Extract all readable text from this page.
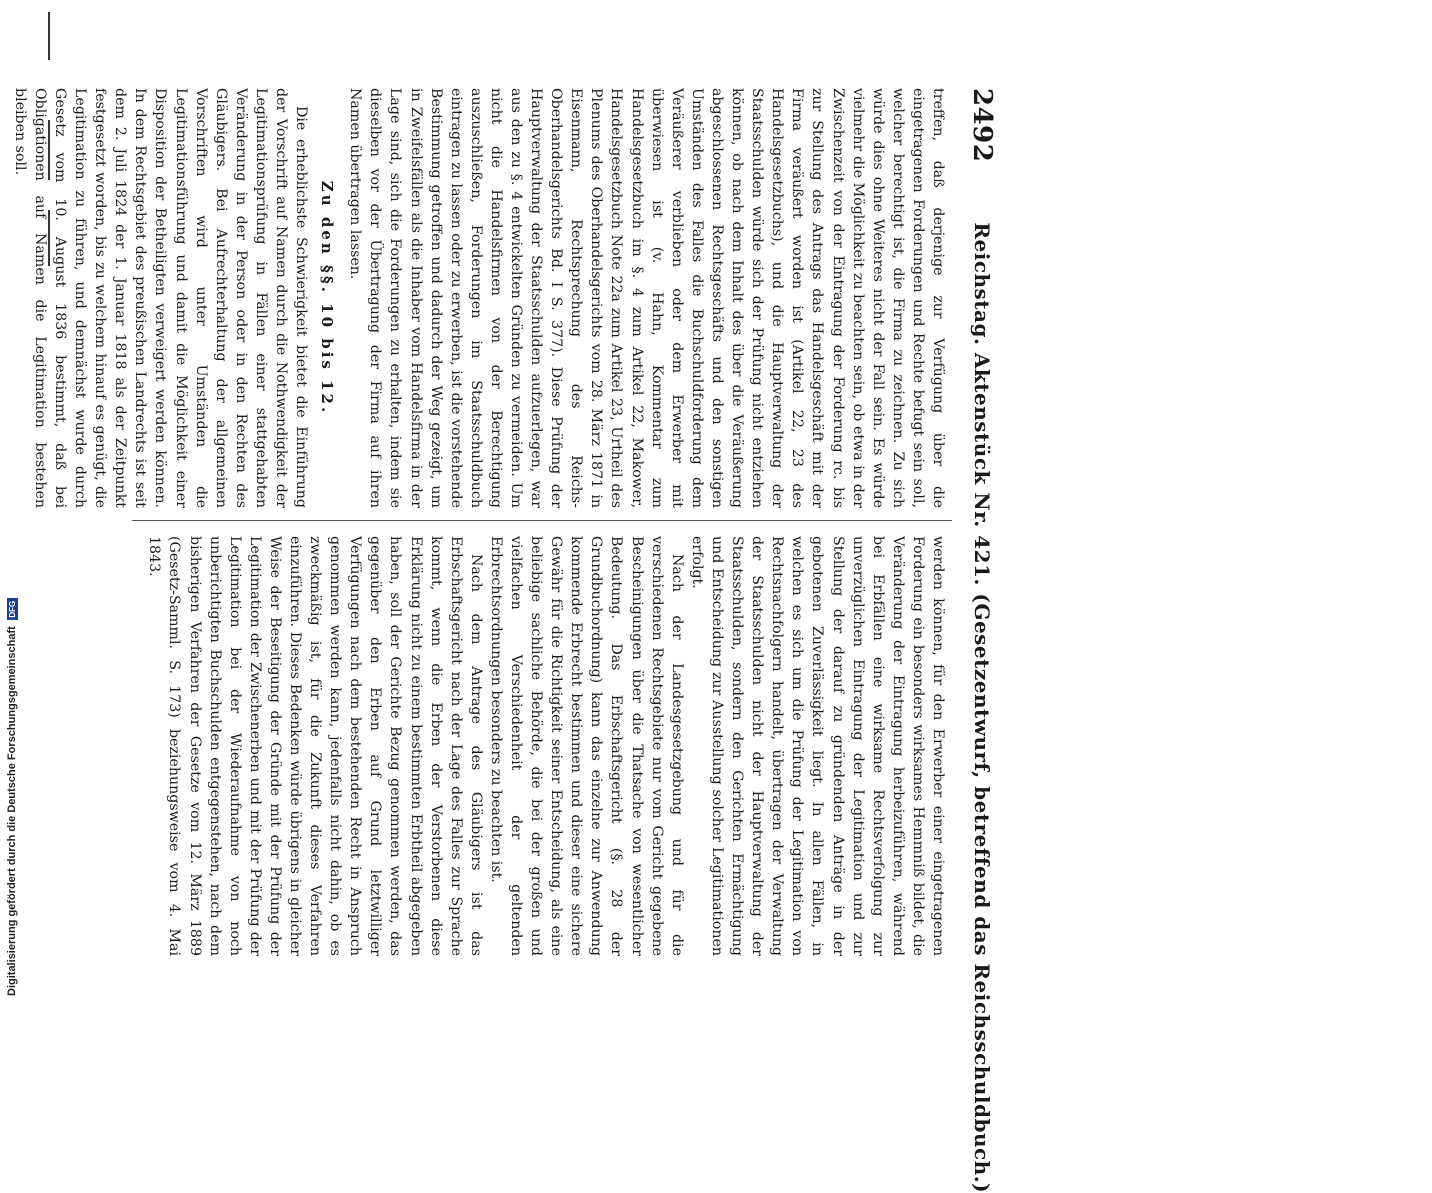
Digitalisierung gefördert durch die Deutsche Forschungsgemeinschaft
DFG
2492
Reichstag. Aktenstück Nr. 421. (Gesetzentwurf, betreffend das Reichsschuldbuch.)

treffen, daß derjenige zur Verfügung über die eingetragenen Forderungen und Rechte befugt sein soll, welcher berechtigt ist, die Firma zu zeichnen. Zu sich würde dies ohne Weiteres nicht der Fall sein. Es würde vielmehr die Möglichkeit zu beachten sein, ob etwa in der Zwischenzeit von der Eintragung der Forderung rc. bis zur Stellung des Antrags das Handelsgeschäft mit der Firma veräußert worden ist (Artikel 22, 23 des Handelsgesetzbuchs), und die Hauptverwaltung der Staatsschulden würde sich der Prüfung nicht entziehen können, ob nach dem Inhalt des über die Veräußerung abgeschlossenen Rechtsgeschäfts und den sonstigen Umständen des Falles die Buchschuldforderung dem Veräußerer verblieben oder dem Erwerber mit überwiesen ist (v. Hahn, Kommentar zum Handelsgesetzbuch im §. 4 zum Artikel 22, Makower, Handelsgesetzbuch Note 22a zum Artikel 23, Urtheil des Plenums des Oberhandelsgerichts vom 28. März 1871 in Eisenmann, Rechtsprechung des Reichs-Oberhandelsgerichts Bd. I S. 377). Diese Prüfung der Hauptverwaltung der Staatsschulden aufzuerlegen, war aus den zu §. 4 entwickelten Gründen zu vermeiden. Um nicht die Handelsfirmen von der Berechtigung auszuschließen, Forderungen im Staatsschuldbuch eintragen zu lassen oder zu erwerben, ist die vorstehende Bestimmung getroffen und dadurch der Weg gezeigt, um in Zweifelsfällen als die Inhaber vom Handelsfirma in der Lage sind, sich die Forderungen zu erhalten, indem sie dieselben vor der Übertragung der Firma auf ihren Namen übertragen lassen.

Zu den §§. 10 bis 12.

Die erheblichste Schwierigkeit bietet die Einführung der Vorschrift auf Namen durch die Nothwendigkeit der Legitimationsprüfung in Fällen einer stattgehabten Veränderung in der Person oder in den Rechten des Gläubigers. Bei Aufrechterhaltung der allgemeinen Vorschriften wird unter Umständen die Legitimationsführung und damit die Möglichkeit einer Disposition der Betheiligten verweigert werden können. In dem Rechtsgebiet des preußischen Landrechts ist seit dem 2. Juli 1824 der 1. Januar 1818 als der Zeitpunkt festgesetzt worden, bis zu welchem hinauf es genügt, die Legitimation zu führen, und demnächst wurde durch Gesetz vom 10. August 1836 bestimmt, daß bei Obligationen auf Namen die Legitimation bestehen bleiben soll.

werden können, für den Erwerber einer eingetragenen Forderung ein besonders wirksames Hemmniß bildet, die Veränderung der Eintragung herbeizuführen, während bei Erbfällen eine wirksame Rechtsverfolgung zur unverzüglichen Eintragung der Legitimation und zur Stellung der darauf zu gründenden Anträge in der gebotenen Zuverlässigkeit liegt. In allen Fällen, in welchen es sich um die Prüfung der Legitimation von Rechtsnachfolgern handelt, übertragen der Verwaltung der Staatsschulden nicht der Hauptverwaltung der Staatsschulden, sondern den Gerichten Ermächtigung und Entscheidung zur Ausstellung solcher Legitimationen erfolgt.

Nach der Landesgesetzgebung und für die verschiedenen Rechtsgebiete nur vom Gericht gegebene Bescheinigungen über die Thatsache von wesentlicher Bedeutung. Das Erbschaftsgericht (§. 28 der Grundbuchordnung) kann das einzelne zur Anwendung kommende Erbrecht bestimmen und dieser eine sichere Gewähr für die Richtigkeit seiner Entscheidung, als eine beliebige sachliche Behörde, die bei der großen und vielfachen Verschiedenheit der geltenden Erbrechtsordnungen besonders zu beachten ist.

Nach dem Antrage des Gläubigers ist das Erbschaftsgericht nach der Lage des Falles zur Sprache kommt, wenn die Erben der Verstorbenen diese Erklärung nicht zu einem bestimmten Erbtheil abgegeben haben, soll der Gerichte Bezug genommen werden, das gegenüber den Erben auf Grund letztwilliger Verfügungen nach dem bestehenden Recht in Anspruch genommen werden kann, jedenfalls nicht dahin, ob es zweckmäßig ist, für die Zukunft dieses Verfahren einzuführen. Dieses Bedenken würde übrigens in gleicher Weise der Beseitigung der Gründe mit der Prüfung der Legitimation der Zwischenerben und mit der Prüfung der Legitimation bei der Wiederaufnahme von noch unberichtigten Buchschulden entgegenstehen, nach dem bisherigen Verfahren der Gesetze vom 12. März 1889 (Gesetz-Samml. S. 173) beziehungsweise vom 4. Mai 1843.
